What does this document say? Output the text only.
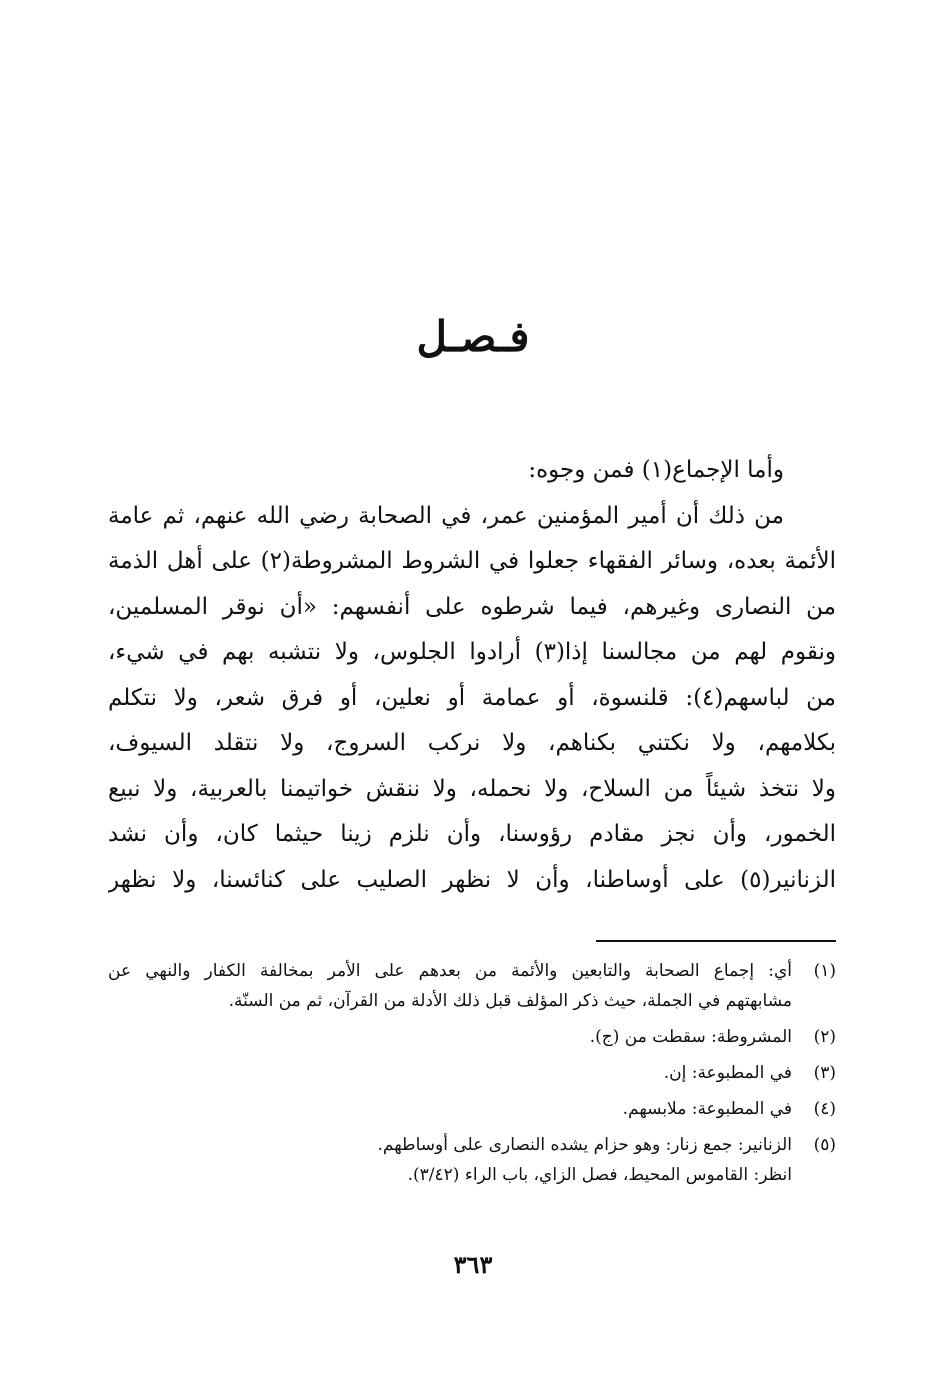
فـصـل
وأما الإجماع(١) فمن وجوه:
من ذلك أن أمير المؤمنين عمر، في الصحابة رضي الله عنهم، ثم عامة
الأئمة بعده، وسائر الفقهاء جعلوا في الشروط المشروطة(٢) على أهل الذمة
من النصارى وغيرهم، فيما شرطوه على أنفسهم: «أن نوقر المسلمين،
ونقوم لهم من مجالسنا إذا(٣) أرادوا الجلوس، ولا نتشبه بهم في شيء،
من لباسهم(٤): قلنسوة، أو عمامة أو نعلين، أو فرق شعر، ولا نتكلم
بكلامهم، ولا نكتني بكناهم، ولا نركب السروج، ولا نتقلد السيوف،
ولا نتخذ شيئاً من السلاح، ولا نحمله، ولا ننقش خواتيمنا بالعربية، ولا نبيع
الخمور، وأن نجز مقادم رؤوسنا، وأن نلزم زينا حيثما كان، وأن نشد
الزنانير(٥) على أوساطنا، وأن لا نظهر الصليب على كنائسنا، ولا نظهر
(١)
أي: إجماع الصحابة والتابعين والأئمة من بعدهم على الأمر بمخالفة الكفار والنهي عن
مشابهتهم في الجملة، حيث ذكر المؤلف قبل ذلك الأدلة من القرآن، ثم من السنّة.
(٢)
المشروطة: سقطت من (ج).
(٣)
في المطبوعة: إن.
(٤)
في المطبوعة: ملابسهم.
(٥)
الزنانير: جمع زنار: وهو حزام يشده النصارى على أوساطهم.
انظر: القاموس المحيط، فصل الزاي، باب الراء (٣/٤٢).
٣٦٣
